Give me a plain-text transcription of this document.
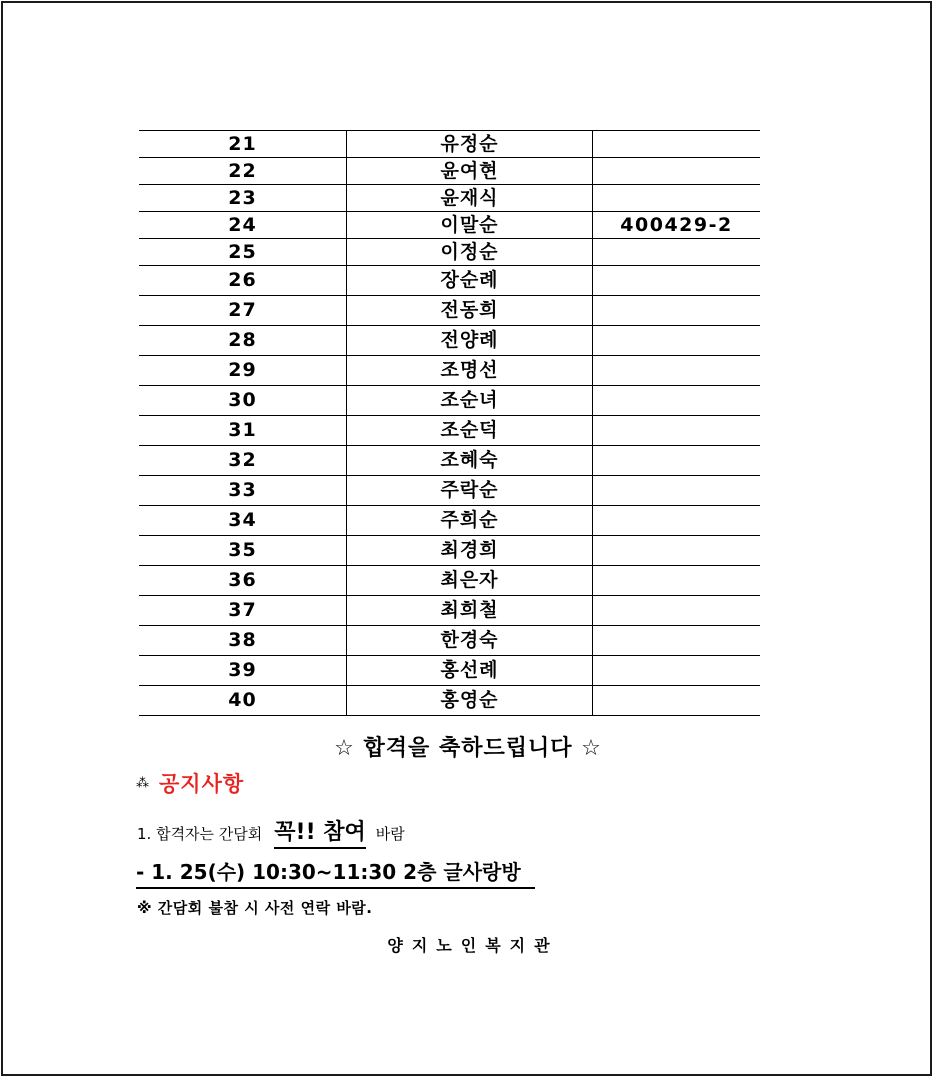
21	유정순	
22	윤여현	
23	윤재식	
24	이말순	400429-2
25	이정순	
26	장순례	
27	전동희	
28	전양례	
29	조명선	
30	조순녀	
31	조순덕	
32	조혜숙	
33	주락순	
34	주희순	
35	최경희	
36	최은자	
37	최희철	
38	한경숙	
39	홍선례	
40	홍영순	
☆ 합격을 축하드립니다 ☆
⁂ 공지사항
1. 합격자는 간담회 꼭!! 참여 바람
- 1. 25(수) 10:30~11:30 2층 글사랑방
※ 간담회 불참 시 사전 연락 바람.
양지노인복지관
